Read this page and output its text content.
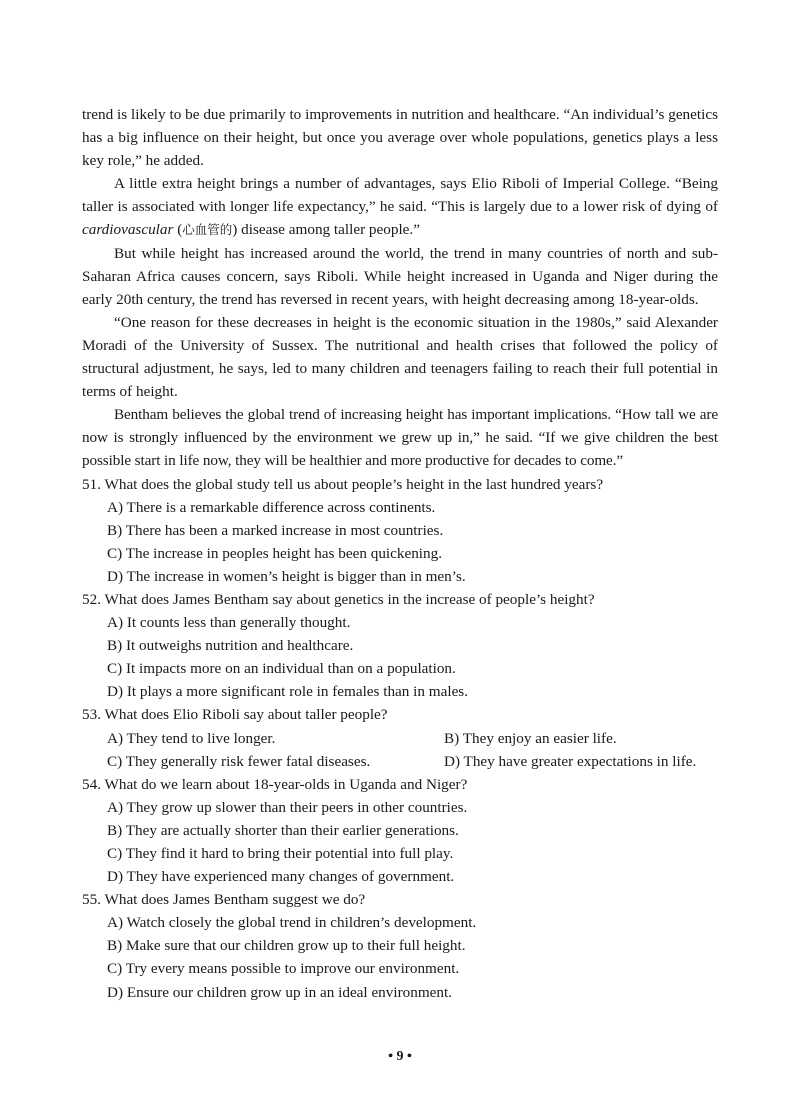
trend is likely to be due primarily to improvements in nutrition and healthcare. “An individual’s genetics has a big influence on their height, but once you average over whole populations, genetics plays a less key role,” he added.

A little extra height brings a number of advantages, says Elio Riboli of Imperial College. “Being taller is associated with longer life expectancy,” he said. “This is largely due to a lower risk of dying of cardiovascular (心血管的) disease among taller people.”

But while height has increased around the world, the trend in many countries of north and sub-Saharan Africa causes concern, says Riboli. While height increased in Uganda and Niger during the early 20th century, the trend has reversed in recent years, with height decreasing among 18-year-olds.

“One reason for these decreases in height is the economic situation in the 1980s,” said Alexander Moradi of the University of Sussex. The nutritional and health crises that followed the policy of structural adjustment, he says, led to many children and teenagers failing to reach their full potential in terms of height.

Bentham believes the global trend of increasing height has important implications. “How tall we are now is strongly influenced by the environment we grew up in,” he said. “If we give children the best possible start in life now, they will be healthier and more productive for decades to come.”

51. What does the global study tell us about people’s height in the last hundred years?
A) There is a remarkable difference across continents.
B) There has been a marked increase in most countries.
C) The increase in peoples height has been quickening.
D) The increase in women’s height is bigger than in men’s.
52. What does James Bentham say about genetics in the increase of people’s height?
A) It counts less than generally thought.
B) It outweighs nutrition and healthcare.
C) It impacts more on an individual than on a population.
D) It plays a more significant role in females than in males.
53. What does Elio Riboli say about taller people?
A) They tend to live longer.	B) They enjoy an easier life.
C) They generally risk fewer fatal diseases.	D) They have greater expectations in life.
54. What do we learn about 18-year-olds in Uganda and Niger?
A) They grow up slower than their peers in other countries.
B) They are actually shorter than their earlier generations.
C) They find it hard to bring their potential into full play.
D) They have experienced many changes of government.
55. What does James Bentham suggest we do?
A) Watch closely the global trend in children’s development.
B) Make sure that our children grow up to their full height.
C) Try every means possible to improve our environment.
D) Ensure our children grow up in an ideal environment.
• 9 •
